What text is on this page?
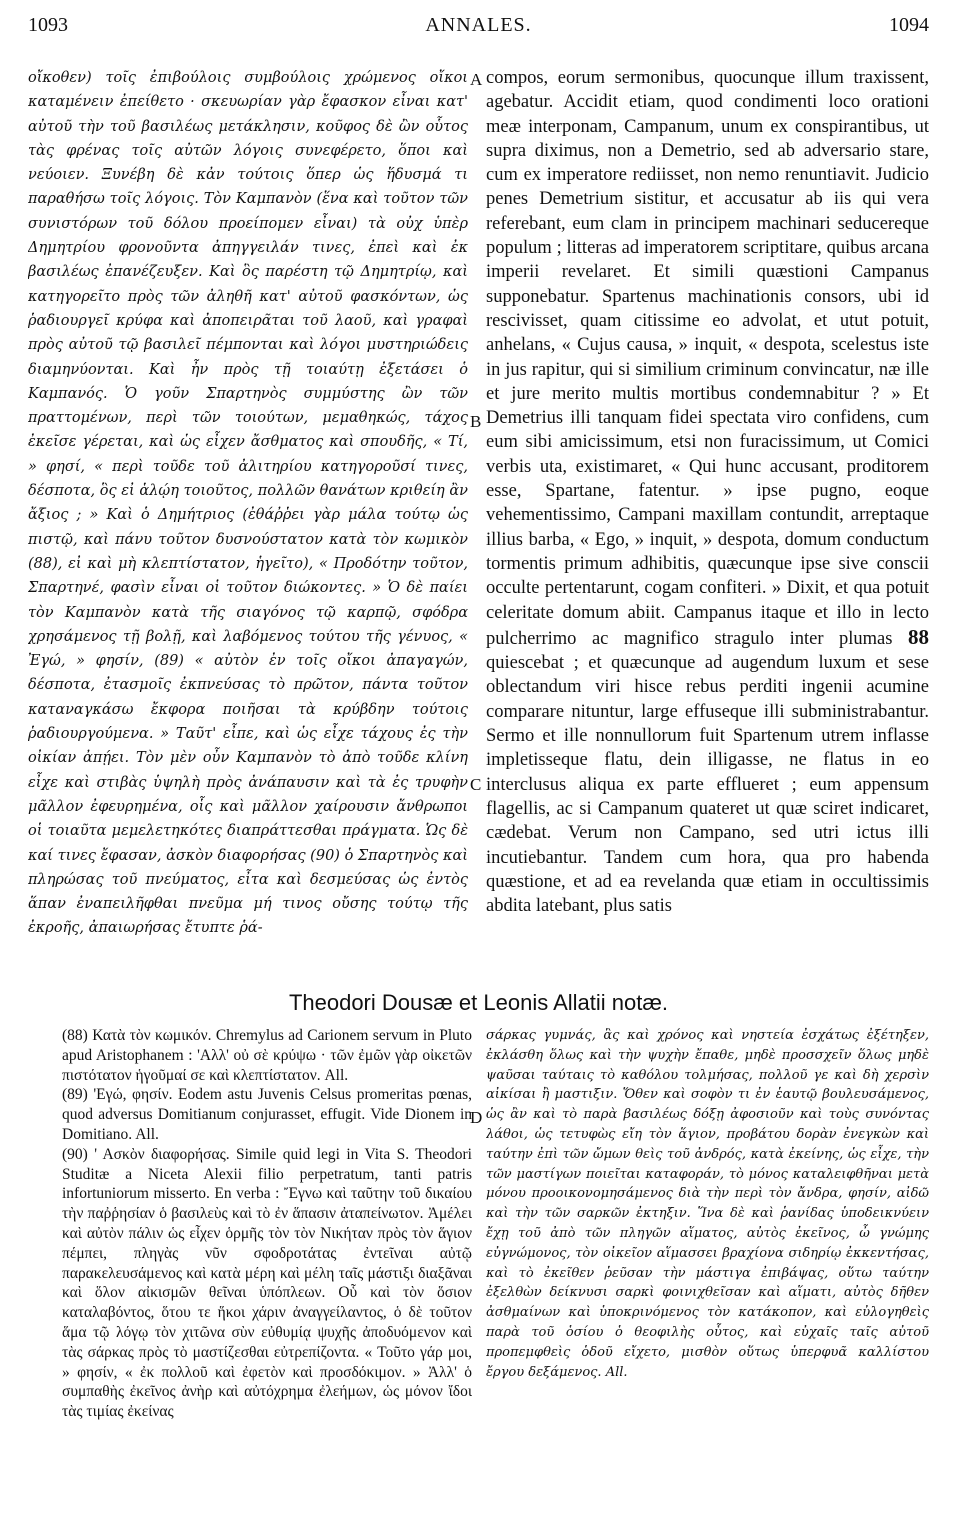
1093	ANNALES.	1094

οἴκοθεν) τοῖς ἐπιβούλοις συμβούλοις χρώμενος οἴκοι καταμένειν ἐπείθετο · σκευωρίαν γὰρ ἔφασκον εἶναι κατ' αὐτοῦ τὴν τοῦ βασιλέως μετάκλησιν, κοῦφος δὲ ὢν οὗτος τὰς φρένας τοῖς αὐτῶν λόγοις συνεφέρετο, ὅποι καὶ νεύοιεν. Ξυνέβη δὲ κἀν τούτοις ὅπερ ὡς ἥδυσμά τι παραθήσω τοῖς λόγοις. Τὸν Καμπανὸν (ἕνα καὶ τοῦτον τῶν συνιστόρων τοῦ δόλου προείπομεν εἶναι) τὰ οὐχ ὑπὲρ Δημητρίου φρονοῦντα ἀπηγγειλάν τινες, ἐπεὶ καὶ ἐκ βασιλέως ἐπανέζευξεν. Καὶ ὃς παρέστη τῷ Δημητρίῳ, καὶ κατηγορεῖτο πρὸς τῶν ἀληθῆ κατ' αὐτοῦ φασκόντων, ὡς ῥαδιουργεῖ κρύφα καὶ ἀποπειρᾶται τοῦ λαοῦ, καὶ γραφαὶ πρὸς αὐτοῦ τῷ βασιλεῖ πέμπονται καὶ λόγοι μυστηριώδεις διαμηνύονται. Καὶ ἦν πρὸς τῇ τοιαύτῃ ἐξετάσει ὁ Καμπανός. Ὁ γοῦν Σπαρτηνὸς συμμύστης ὢν τῶν πραττομένων, περὶ τῶν τοιούτων, μεμαθηκώς, τάχος ἐκεῖσε γέρεται, καὶ ὡς εἶχεν ἄσθματος καὶ σπουδῆς, « Τί, » φησί, « περὶ τοῦδε τοῦ ἀλιτηρίου κατηγοροῦσί τινες, δέσποτα, ὃς εἰ ἁλῴη τοιοῦτος, πολλῶν θανάτων κριθείη ἂν ἄξιος ; » Καὶ ὁ Δημήτριος (ἐθάῤῥει γὰρ μάλα τούτῳ ὡς πιστῷ, καὶ πάνυ τοῦτον δυσνούστατον κατὰ τὸν κωμικὸν (88), εἰ καὶ μὴ κλεπτίστατον, ἡγεῖτο), « Προδότην τοῦτον, Σπαρτηνέ, φασὶν εἶναι οἱ τοῦτον διώκοντες. » Ὁ δὲ παίει τὸν Καμπανὸν κατὰ τῆς σιαγόνος τῷ καρπῷ, σφόδρα χρησάμενος τῇ βολῇ, καὶ λαβόμενος τούτου τῆς γένυος, « Ἐγώ, » φησίν, (89) « αὐτὸν ἐν τοῖς οἴκοι ἀπαγαγών, δέσποτα, ἐτασμοῖς ἐκπνεύσας τὸ πρῶτον, πάντα τοῦτον καταναγκάσω ἔκφορα ποιῆσαι τὰ κρύβδην τούτοις ῥαδιουργούμενα. » Ταῦτ' εἶπε, καὶ ὡς εἶχε τάχους ἐς τὴν οἰκίαν ἀπῄει. Τὸν μὲν οὖν Καμπανὸν τὸ ἀπὸ τοῦδε κλίνη εἶχε καὶ στιβὰς ὑψηλὴ πρὸς ἀνάπαυσιν καὶ τὰ ἐς τρυφὴν μᾶλλον ἐφευρημένα, οἷς καὶ μᾶλλον χαίρουσιν ἄνθρωποι οἱ τοιαῦτα μεμελετηκότες διαπράττεσθαι πράγματα. Ὡς δὲ καί τινες ἔφασαν, ἀσκὸν διαφορήσας (90) ὁ Σπαρτηνὸς καὶ πληρώσας τοῦ πνεύματος, εἶτα καὶ δεσμεύσας ὡς ἐντὸς ἅπαν ἐναπειλῆφθαι πνεῦμα μή τινος οὔσης τούτῳ τῆς ἐκροῆς, ἀπαιωρήσας ἔτυπτε ῥά-

A
B
C
D

compos, eorum sermonibus, quocunque illum traxissent, agebatur. Accidit etiam, quod condimenti loco orationi meæ interponam, Campanum, unum ex conspirantibus, ut supra diximus, non a Demetrio, sed ab adversario stare, cum ex imperatore rediisset, non nemo renuntiavit. Judicio penes Demetrium sistitur, et accusatur ab iis qui vera referebant, eum clam in principem machinari seducereque populum ; litteras ad imperatorem scriptitare, quibus arcana imperii revelaret. Et simili quæstioni Campanus supponebatur. Spartenus machinationis consors, ubi id rescivisset, quam citissime eo advolat, et utut potuit, anhelans, « Cujus causa, » inquit, « despota, scelestus iste in jus rapitur, qui si similium criminum convincatur, næ ille et jure merito multis mortibus condemnabitur ? » Et Demetrius illi tanquam fidei spectata viro confidens, cum eum sibi amicissimum, etsi non furacissimum, ut Comici verbis uta, existimaret, « Qui hunc accusant, proditorem esse, Spartane, fatentur. » ipse pugno, eoque vehementissimo, Campani maxillam contundit, arreptaque illius barba, « Ego, » inquit, » despota, domum conductum tormentis primum adhibitis, quæcunque ipse sive conscii occulte pertentarunt, cogam confiteri. » Dixit, et qua potuit celeritate domum abiit. Campanus itaque et illo in lecto pulcherrimo ac magnifico stragulo inter plumas 88 quiescebat ; et quæcunque ad augendum luxum et sese oblectandum viri hisce rebus perditi ingenii acumine comparare nituntur, large effuseque illi subministrabantur. Sermo et ille nonnullorum fuit Spartenum utrem inflasse impletisseque flatu, dein illigasse, ne flatus in eo interclusus aliqua ex parte efflueret ; eum appensum flagellis, ac si Campanum quateret ut quæ sciret indicaret, cædebat. Verum non Campano, sed utri ictus illi incutiebantur. Tandem cum hora, qua pro habenda quæstione, et ad ea revelanda quæ etiam in occultissimis abdita latebant, plus satis

Theodori Dousæ et Leonis Allatii notæ.

(88) Κατὰ τὸν κωμικόν. Chremylus ad Carionem servum in Pluto apud Aristophanem : 'Αλλ' οὐ σὲ κρύψω · τῶν ἐμῶν γὰρ οἰκετῶν πιστότατον ἡγοῦμαί σε καὶ κλεπτίστατον. All.

(89) 'Εγώ, φησίν. Eodem astu Juvenis Celsus promeritas pœnas, quod adversus Domitianum conjurasset, effugit. Vide Dionem in Domitiano. All.

(90) ' Ασκὸν διαφορήσας. Simile quid legi in Vita S. Theodori Studitæ a Niceta Alexii filio perpetratum, tanti patris infortuniorum misserto. En verba : Ἔγνω καὶ ταῦτην τοῦ δικαίου τὴν παῤῥησίαν ὁ βασιλεὺς καὶ τὸ ἐν ἅπασιν ἀταπείνωτον. Ἀμέλει καὶ αὐτὸν πάλιν ὡς εἶχεν ὁρμῆς τὸν τὸν Νικήταν πρὸς τὸν ἅγιον πέμπει, πληγὰς νῦν σφοδροτάτας ἐντεῖναι αὐτῷ παρακελευσάμενος καὶ κατὰ μέρη καὶ μέλη ταῖς μάστιξι διαξᾶναι καὶ ὅλον αἰκισμῶν θεῖναι ὑπόπλεων. Οὗ καὶ τὸν ὅσιον καταλαβόντος, ὅτου τε ἥκοι χάριν ἀναγγείλαντος, ὁ δὲ τοῦτον ἅμα τῷ λόγῳ τὸν χιτῶνα σὺν εὐθυμίᾳ ψυχῆς ἀποδυόμενον καὶ τὰς σάρκας πρὸς τὸ μαστίζεσθαι εὐτρεπίζοντα. « Τοῦτο γάρ μοι, » φησίν, « ἐκ πολλοῦ καὶ ἐφετὸν καὶ προσδόκιμον. » Ἀλλ' ὁ συμπαθὴς ἐκεῖνος ἀνὴρ καὶ αὐτόχρημα ἐλεήμων, ὡς μόνον ἴδοι τὰς τιμίας ἐκείνας

σάρκας γυμνάς, ἃς καὶ χρόνος καὶ νηστεία ἐσχάτως ἐξέτηξεν, ἐκλάσθη ὅλως καὶ τὴν ψυχὴν ἔπαθε, μηδὲ προσσχεῖν ὅλως μηδὲ ψαῦσαι ταύταις τὸ καθόλου τολμήσας, πολλοῦ γε καὶ δὴ χερσὶν αἰκίσαι ἢ μαστιξιν. Ὅθεν καὶ σοφὸν τι ἐν ἑαυτῷ βουλευσάμενος, ὡς ἂν καὶ τὸ παρὰ βασιλέως δόξῃ ἀφοσιοῦν καὶ τοὺς συνόντας λάθοι, ὡς τετυφὼς εἴη τὸν ἅγιον, προβάτου δορὰν ἐνεγκὼν καὶ ταύτην ἐπὶ τῶν ὤμων θεὶς τοῦ ἀνδρός, κατὰ ἐκείνης, ὡς εἶχε, τὴν τῶν μαστίγων ποιεῖται καταφοράν, τὸ μόνος καταλειφθῆναι μετὰ μόνου προοικονομησάμενος διὰ τὴν περὶ τὸν ἄνδρα, φησίν, αἰδῶ καὶ τὴν τῶν σαρκῶν ἐκτηξιν. Ἵνα δὲ καὶ ῥανίδας ὑποδεικνύειν ἔχῃ τοῦ ἀπὸ τῶν πληγῶν αἵματος, αὐτὸς ἐκεῖνος, ὦ γνώμης εὐγνώμονος, τὸν οἰκεῖον αἵμασσει βραχίονα σιδηρίῳ ἐκκεντήσας, καὶ τὸ ἐκεῖθεν ῥεῦσαν τὴν μάστιγα ἐπιβάψας, οὕτω ταύτην ἐξελθὼν δείκνυσι σαρκὶ φοινιχθεῖσαν καὶ αἵματι, αὐτὸς δῆθεν ἀσθμαίνων καὶ ὑποκρινόμενος τὸν κατάκοπον, καὶ εὐλογηθεὶς παρὰ τοῦ ὁσίου ὁ θεοφιλὴς οὗτος, καὶ εὐχαῖς ταῖς αὐτοῦ προπεμφθεὶς ὁδοῦ εἴχετο, μισθὸν οὕτως ὑπερφυᾶ καλλίστου ἔργου δεξάμενος. All.
